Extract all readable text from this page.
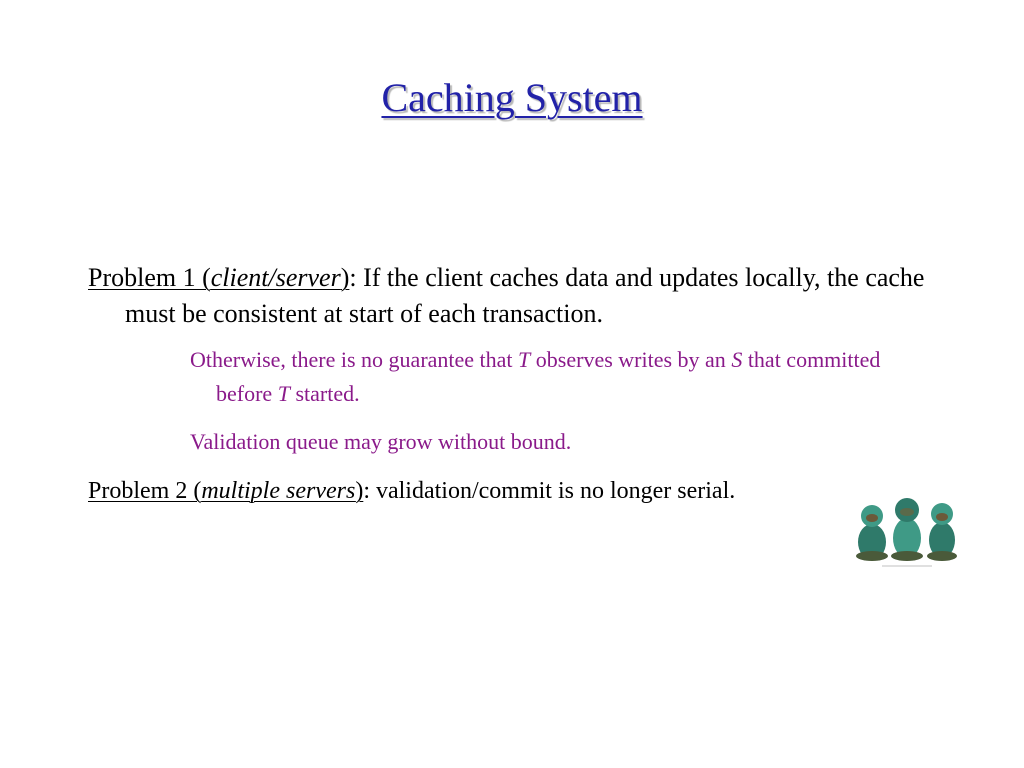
Caching System
Problem 1 (client/server): If the client caches data and updates locally, the cache must be consistent at start of each transaction.
Otherwise, there is no guarantee that T observes writes by an S that committed before T started.
Validation queue may grow without bound.
Problem 2 (multiple servers): validation/commit is no longer serial.
